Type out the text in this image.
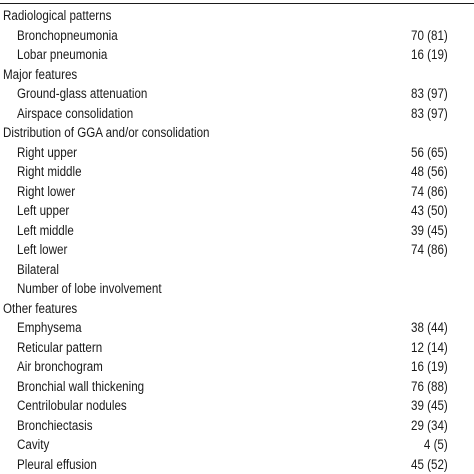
Radiological patterns
Bronchopneumonia	70 (81)
Lobar pneumonia	16 (19)
Major features
Ground-glass attenuation	83 (97)
Airspace consolidation	83 (97)
Distribution of GGA and/or consolidation
Right upper	56 (65)
Right middle	48 (56)
Right lower	74 (86)
Left upper	43 (50)
Left middle	39 (45)
Left lower	74 (86)
Bilateral
Number of lobe involvement
Other features
Emphysema	38 (44)
Reticular pattern	12 (14)
Air bronchogram	16 (19)
Bronchial wall thickening	76 (88)
Centrilobular nodules	39 (45)
Bronchiectasis	29 (34)
Cavity	4 (5)
Pleural effusion	45 (52)
